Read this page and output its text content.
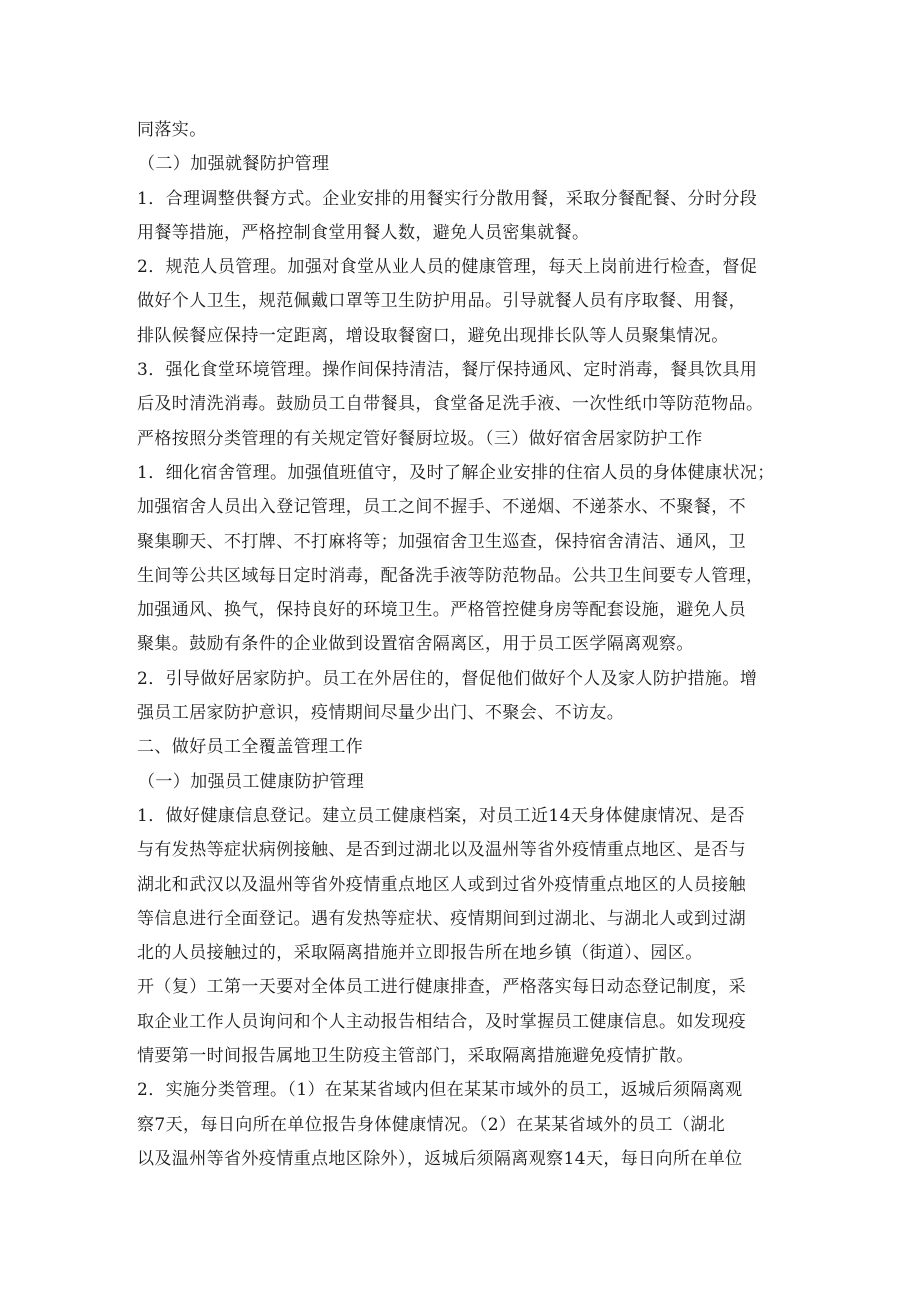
同落实。
（二）加强就餐防护管理
1．合理调整供餐方式。企业安排的用餐实行分散用餐，采取分餐配餐、分时分段
用餐等措施，严格控制食堂用餐人数，避免人员密集就餐。
2．规范人员管理。加强对食堂从业人员的健康管理，每天上岗前进行检查，督促
做好个人卫生，规范佩戴口罩等卫生防护用品。引导就餐人员有序取餐、用餐，
排队候餐应保持一定距离，增设取餐窗口，避免出现排长队等人员聚集情况。
3．强化食堂环境管理。操作间保持清洁，餐厅保持通风、定时消毒，餐具饮具用
后及时清洗消毒。鼓励员工自带餐具，食堂备足洗手液、一次性纸巾等防范物品。
严格按照分类管理的有关规定管好餐厨垃圾。（三）做好宿舍居家防护工作
1．细化宿舍管理。加强值班值守，及时了解企业安排的住宿人员的身体健康状况；
加强宿舍人员出入登记管理，员工之间不握手、不递烟、不递茶水、不聚餐，不
聚集聊天、不打牌、不打麻将等；加强宿舍卫生巡查，保持宿舍清洁、通风，卫
生间等公共区域每日定时消毒，配备洗手液等防范物品。公共卫生间要专人管理，
加强通风、换气，保持良好的环境卫生。严格管控健身房等配套设施，避免人员
聚集。鼓励有条件的企业做到设置宿舍隔离区，用于员工医学隔离观察。
2．引导做好居家防护。员工在外居住的，督促他们做好个人及家人防护措施。增
强员工居家防护意识，疫情期间尽量少出门、不聚会、不访友。
二、做好员工全覆盖管理工作
（一）加强员工健康防护管理
1．做好健康信息登记。建立员工健康档案，对员工近14天身体健康情况、是否
与有发热等症状病例接触、是否到过湖北以及温州等省外疫情重点地区、是否与
湖北和武汉以及温州等省外疫情重点地区人或到过省外疫情重点地区的人员接触
等信息进行全面登记。遇有发热等症状、疫情期间到过湖北、与湖北人或到过湖
北的人员接触过的，采取隔离措施并立即报告所在地乡镇（街道）、园区。
开（复）工第一天要对全体员工进行健康排查，严格落实每日动态登记制度，采
取企业工作人员询问和个人主动报告相结合，及时掌握员工健康信息。如发现疫
情要第一时间报告属地卫生防疫主管部门，采取隔离措施避免疫情扩散。
2．实施分类管理。（1）在某某省域内但在某某市域外的员工，返城后须隔离观
察7天，每日向所在单位报告身体健康情况。（2）在某某省域外的员工（湖北
以及温州等省外疫情重点地区除外），返城后须隔离观察14天，每日向所在单位
